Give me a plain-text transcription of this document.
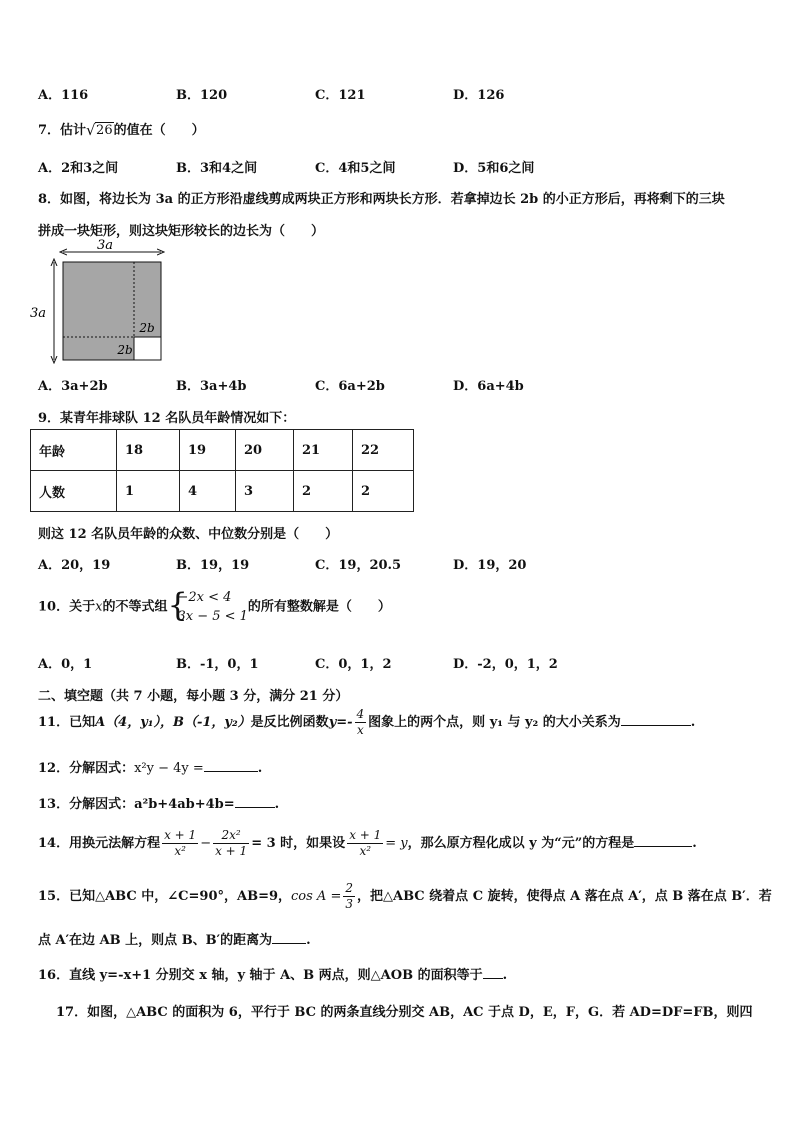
A．116	B．120	C．121	D．126
7．估计 √ 26的值在（　　）
A．2和3之间	B．3和4之间	C．4和5之间	D．5和6之间
8．如图，将边长为 3a 的正方形沿虚线剪成两块正方形和两块长方形．若拿掉边长 2b 的小正方形后，再将剩下的三块
拼成一块矩形，则这块矩形较长的边长为（　　）
3a
3a
2b
2b
A．3a+2b	B．3a+4b	C．6a+2b	D．6a+4b
9．某青年排球队 12 名队员年龄情况如下：
年龄	18	19	20	21	22
人数	1	4	3	2	2
则这 12 名队员年龄的众数、中位数分别是（　　）
A．20，19	B．19，19	C．19，20.5	D．19，20
10．关于x的不等式组 {
−2x < 4
3x − 5 < 1
的所有整数解是（　　）
A．0，1	B．-1，0，1	C．0，1，2	D．-2，0，1，2
二、填空题（共 7 小题，每小题 3 分，满分 21 分）
11．已知A（4，y₁），B（-1，y₂）是反比例函数$y=- \frac{4}{x}$ 图象上的两个点，则 y₁ 与 y₂ 的大小关系为	.
12．分解因式：x²y − 4y =	.
13．分解因式：a²b+4ab+4b=	.
14．用换元法解方程 $\frac{x + 1}{\text{x²}} - \frac{\text{2x²}}{x + 1} = 3$ 时，如果设 $\frac{x + 1}{\text{x²}} = y$，那么原方程化成以 y 为“元”的方程是	.
15．已知△ABC 中，∠C=90°，AB=9，$\cos A = \frac{2}{3}$ ，把△ABC 绕着点 C 旋转，使得点 A 落在点 A′，点 B 落在点 B′．若
点 A′在边 AB 上，则点 B、B′的距离为	.
16．直线 y=-x+1 分别交 x 轴，y 轴于 A、B 两点，则△AOB 的面积等于 .
17．如图，△ABC 的面积为 6，平行于 BC 的两条直线分别交 AB，AC 于点 D，E，F，G．若 AD=DF=FB，则四
